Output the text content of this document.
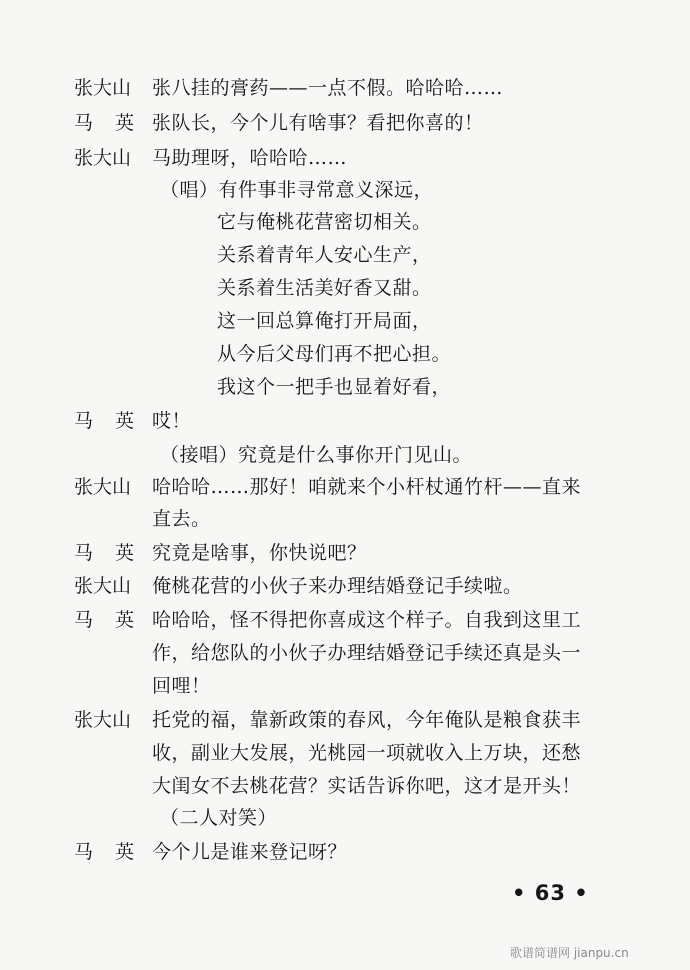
张大山 张八挂的膏药——一点不假。哈哈哈……
马英
张队长，今个儿有啥事？看把你喜的！
张大山 马助理呀，哈哈哈……
（唱）有件事非寻常意义深远，
它与俺桃花营密切相关。
关系着青年人安心生产，
关系着生活美好香又甜。
这一回总算俺打开局面，
从今后父母们再不把心担。
我这个一把手也显着好看，
马英
哎！
（接唱）究竟是什么事你开门见山。
张大山 哈哈哈……那好！咱就来个小杆杖通竹杆——直来
直去。
马英
究竟是啥事，你快说吧？
张大山 俺桃花营的小伙子来办理结婚登记手续啦。
马英
哈哈哈，怪不得把你喜成这个样子。自我到这里工
作，给您队的小伙子办理结婚登记手续还真是头一
回哩！
张大山 托党的福，靠新政策的春风，今年俺队是粮食获丰
收，副业大发展，光桃园一项就收入上万块，还愁
大闺女不去桃花营？实话告诉你吧，这才是开头！
（二人对笑）
马英
今个儿是谁来登记呀？
• 63 •
歌谱简谱网 jianpu.cn
